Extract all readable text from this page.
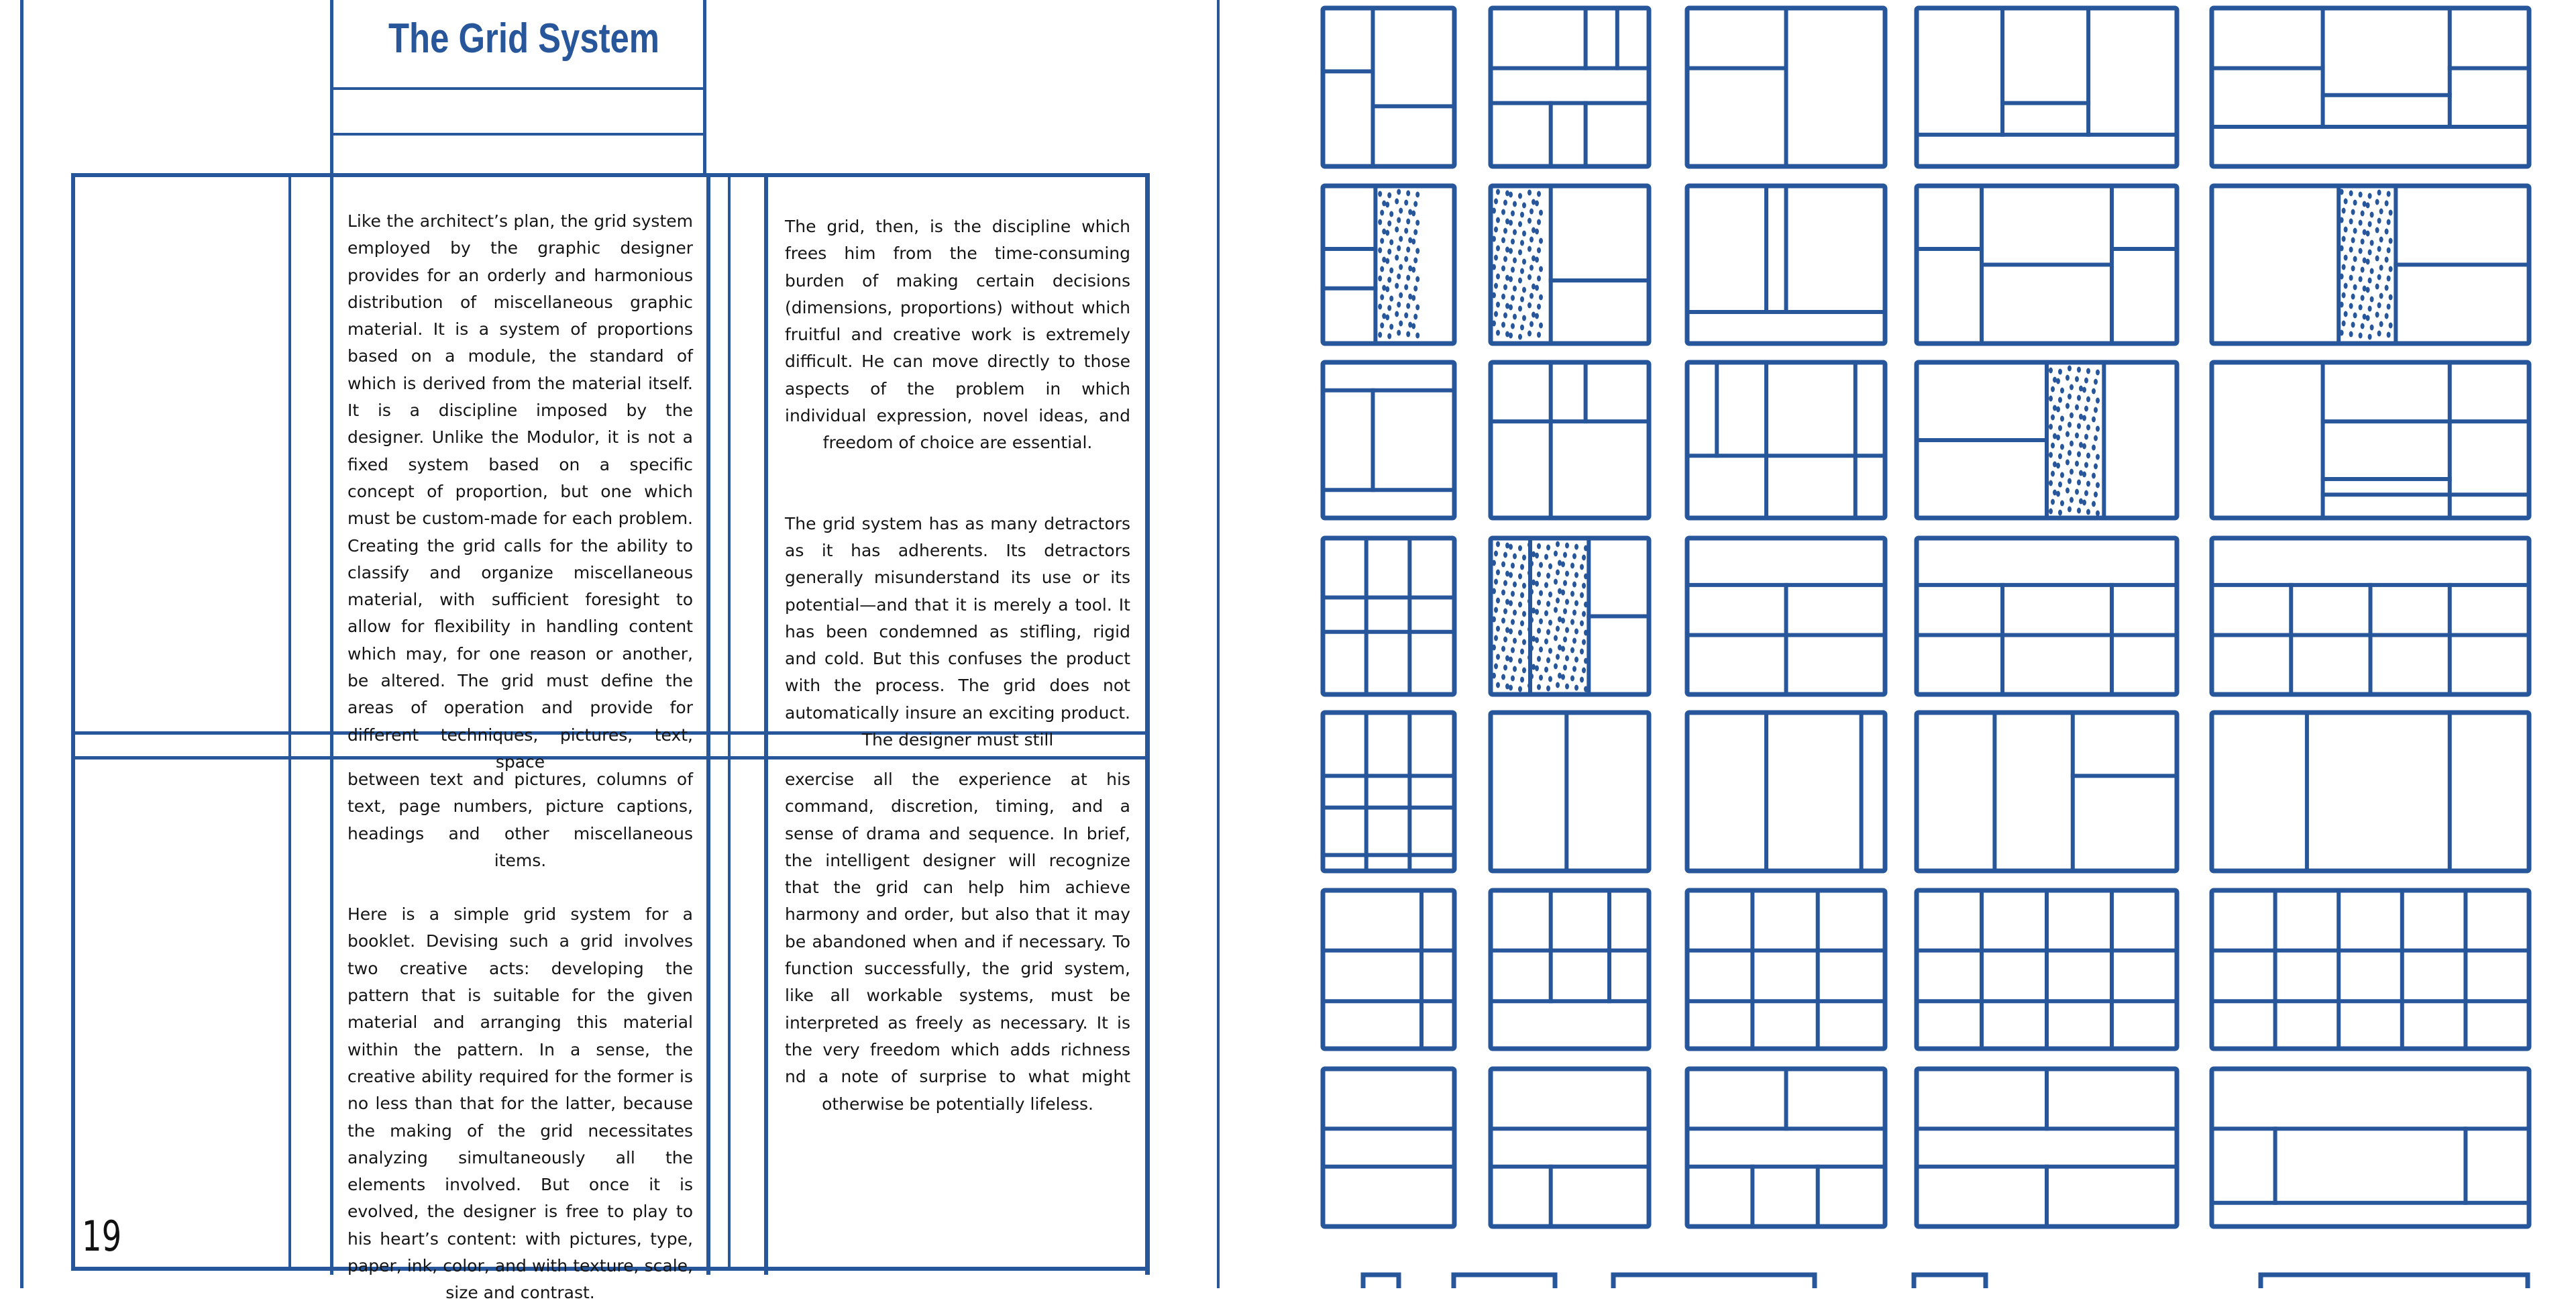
The Grid System

Like the architect’s plan, the grid system employed by the graphic designer provides for an orderly and harmonious distribution of miscellaneous graphic material. It is a system of proportions based on a module, the standard of which is derived from the material itself. It is a discipline imposed by the designer. Unlike the Modulor, it is not a fixed system based on a specific concept of proportion, but one which must be custom-made for each problem. Creating the grid calls for the ability to classify and organize miscellaneous material, with sufficient foresight to allow for flexibility in handling content which may, for one reason or another, be altered. The grid must define the areas of operation and provide for different techniques, pictures, text, space

between text and pictures, columns of text, page numbers, picture captions, headings and other miscellaneous items.

Here is a simple grid system for a booklet. Devising such a grid involves two creative acts: developing the pattern that is suitable for the given material and arranging this material within the pattern. In a sense, the creative ability required for the former is no less than that for the latter, because the making of the grid necessitates analyzing simultaneously all the elements involved. But once it is evolved, the designer is free to play to his heart’s content: with pictures, type, paper, ink, color, and with texture, scale, size and contrast.

The grid, then, is the discipline which frees him from the time-consuming burden of making certain decisions (dimensions, proportions) without which fruitful and creative work is extremely difficult. He can move directly to those aspects of the problem in which individual expression, novel ideas, and freedom of choice are essential.

The grid system has as many detractors as it has adherents. Its detractors generally misunderstand its use or its potential—and that it is merely a tool. It has been condemned as stifling, rigid and cold. But this confuses the product with the process. The grid does not automatically insure an exciting product. The designer must still

exercise all the experience at his command, discretion, timing, and a sense of drama and sequence. In brief, the intelligent designer will recognize that the grid can help him achieve harmony and order, but also that it may be abandoned when and if necessary. To function successfully, the grid system, like all workable systems, must be interpreted as freely as necessary. It is the very freedom which adds richness nd a note of surprise to what might otherwise be potentially lifeless.

19
